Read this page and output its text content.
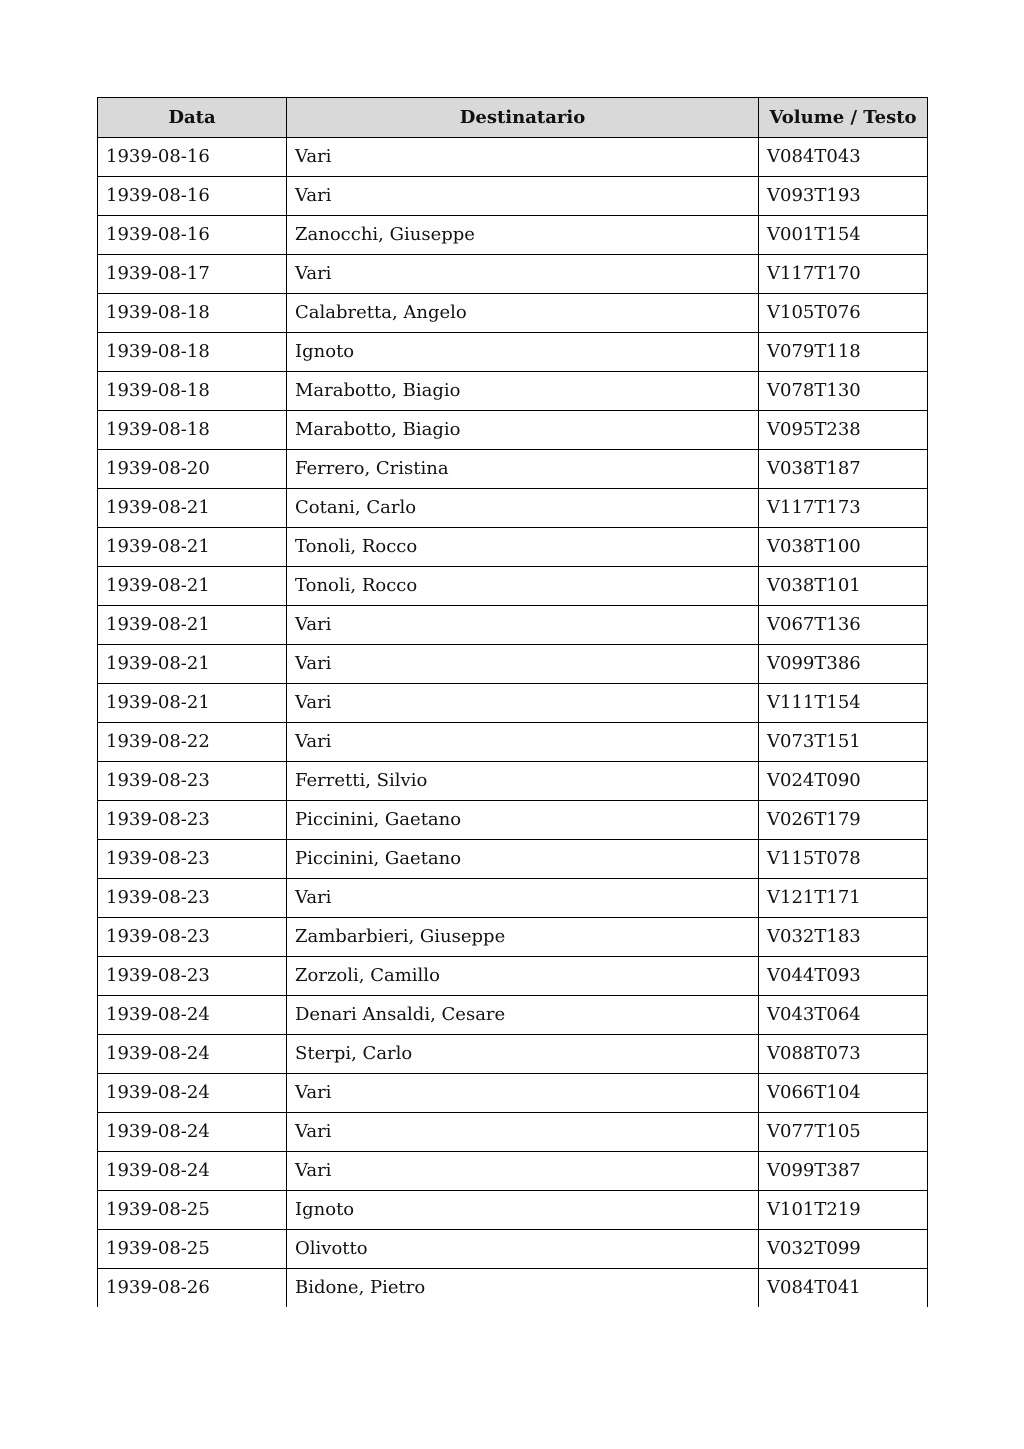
Data	Destinatario	Volume / Testo
1939-08-16	Vari	V084T043
1939-08-16	Vari	V093T193
1939-08-16	Zanocchi, Giuseppe	V001T154
1939-08-17	Vari	V117T170
1939-08-18	Calabretta, Angelo	V105T076
1939-08-18	Ignoto	V079T118
1939-08-18	Marabotto, Biagio	V078T130
1939-08-18	Marabotto, Biagio	V095T238
1939-08-20	Ferrero, Cristina	V038T187
1939-08-21	Cotani, Carlo	V117T173
1939-08-21	Tonoli, Rocco	V038T100
1939-08-21	Tonoli, Rocco	V038T101
1939-08-21	Vari	V067T136
1939-08-21	Vari	V099T386
1939-08-21	Vari	V111T154
1939-08-22	Vari	V073T151
1939-08-23	Ferretti, Silvio	V024T090
1939-08-23	Piccinini, Gaetano	V026T179
1939-08-23	Piccinini, Gaetano	V115T078
1939-08-23	Vari	V121T171
1939-08-23	Zambarbieri, Giuseppe	V032T183
1939-08-23	Zorzoli, Camillo	V044T093
1939-08-24	Denari Ansaldi, Cesare	V043T064
1939-08-24	Sterpi, Carlo	V088T073
1939-08-24	Vari	V066T104
1939-08-24	Vari	V077T105
1939-08-24	Vari	V099T387
1939-08-25	Ignoto	V101T219
1939-08-25	Olivotto	V032T099
1939-08-26	Bidone, Pietro	V084T041
